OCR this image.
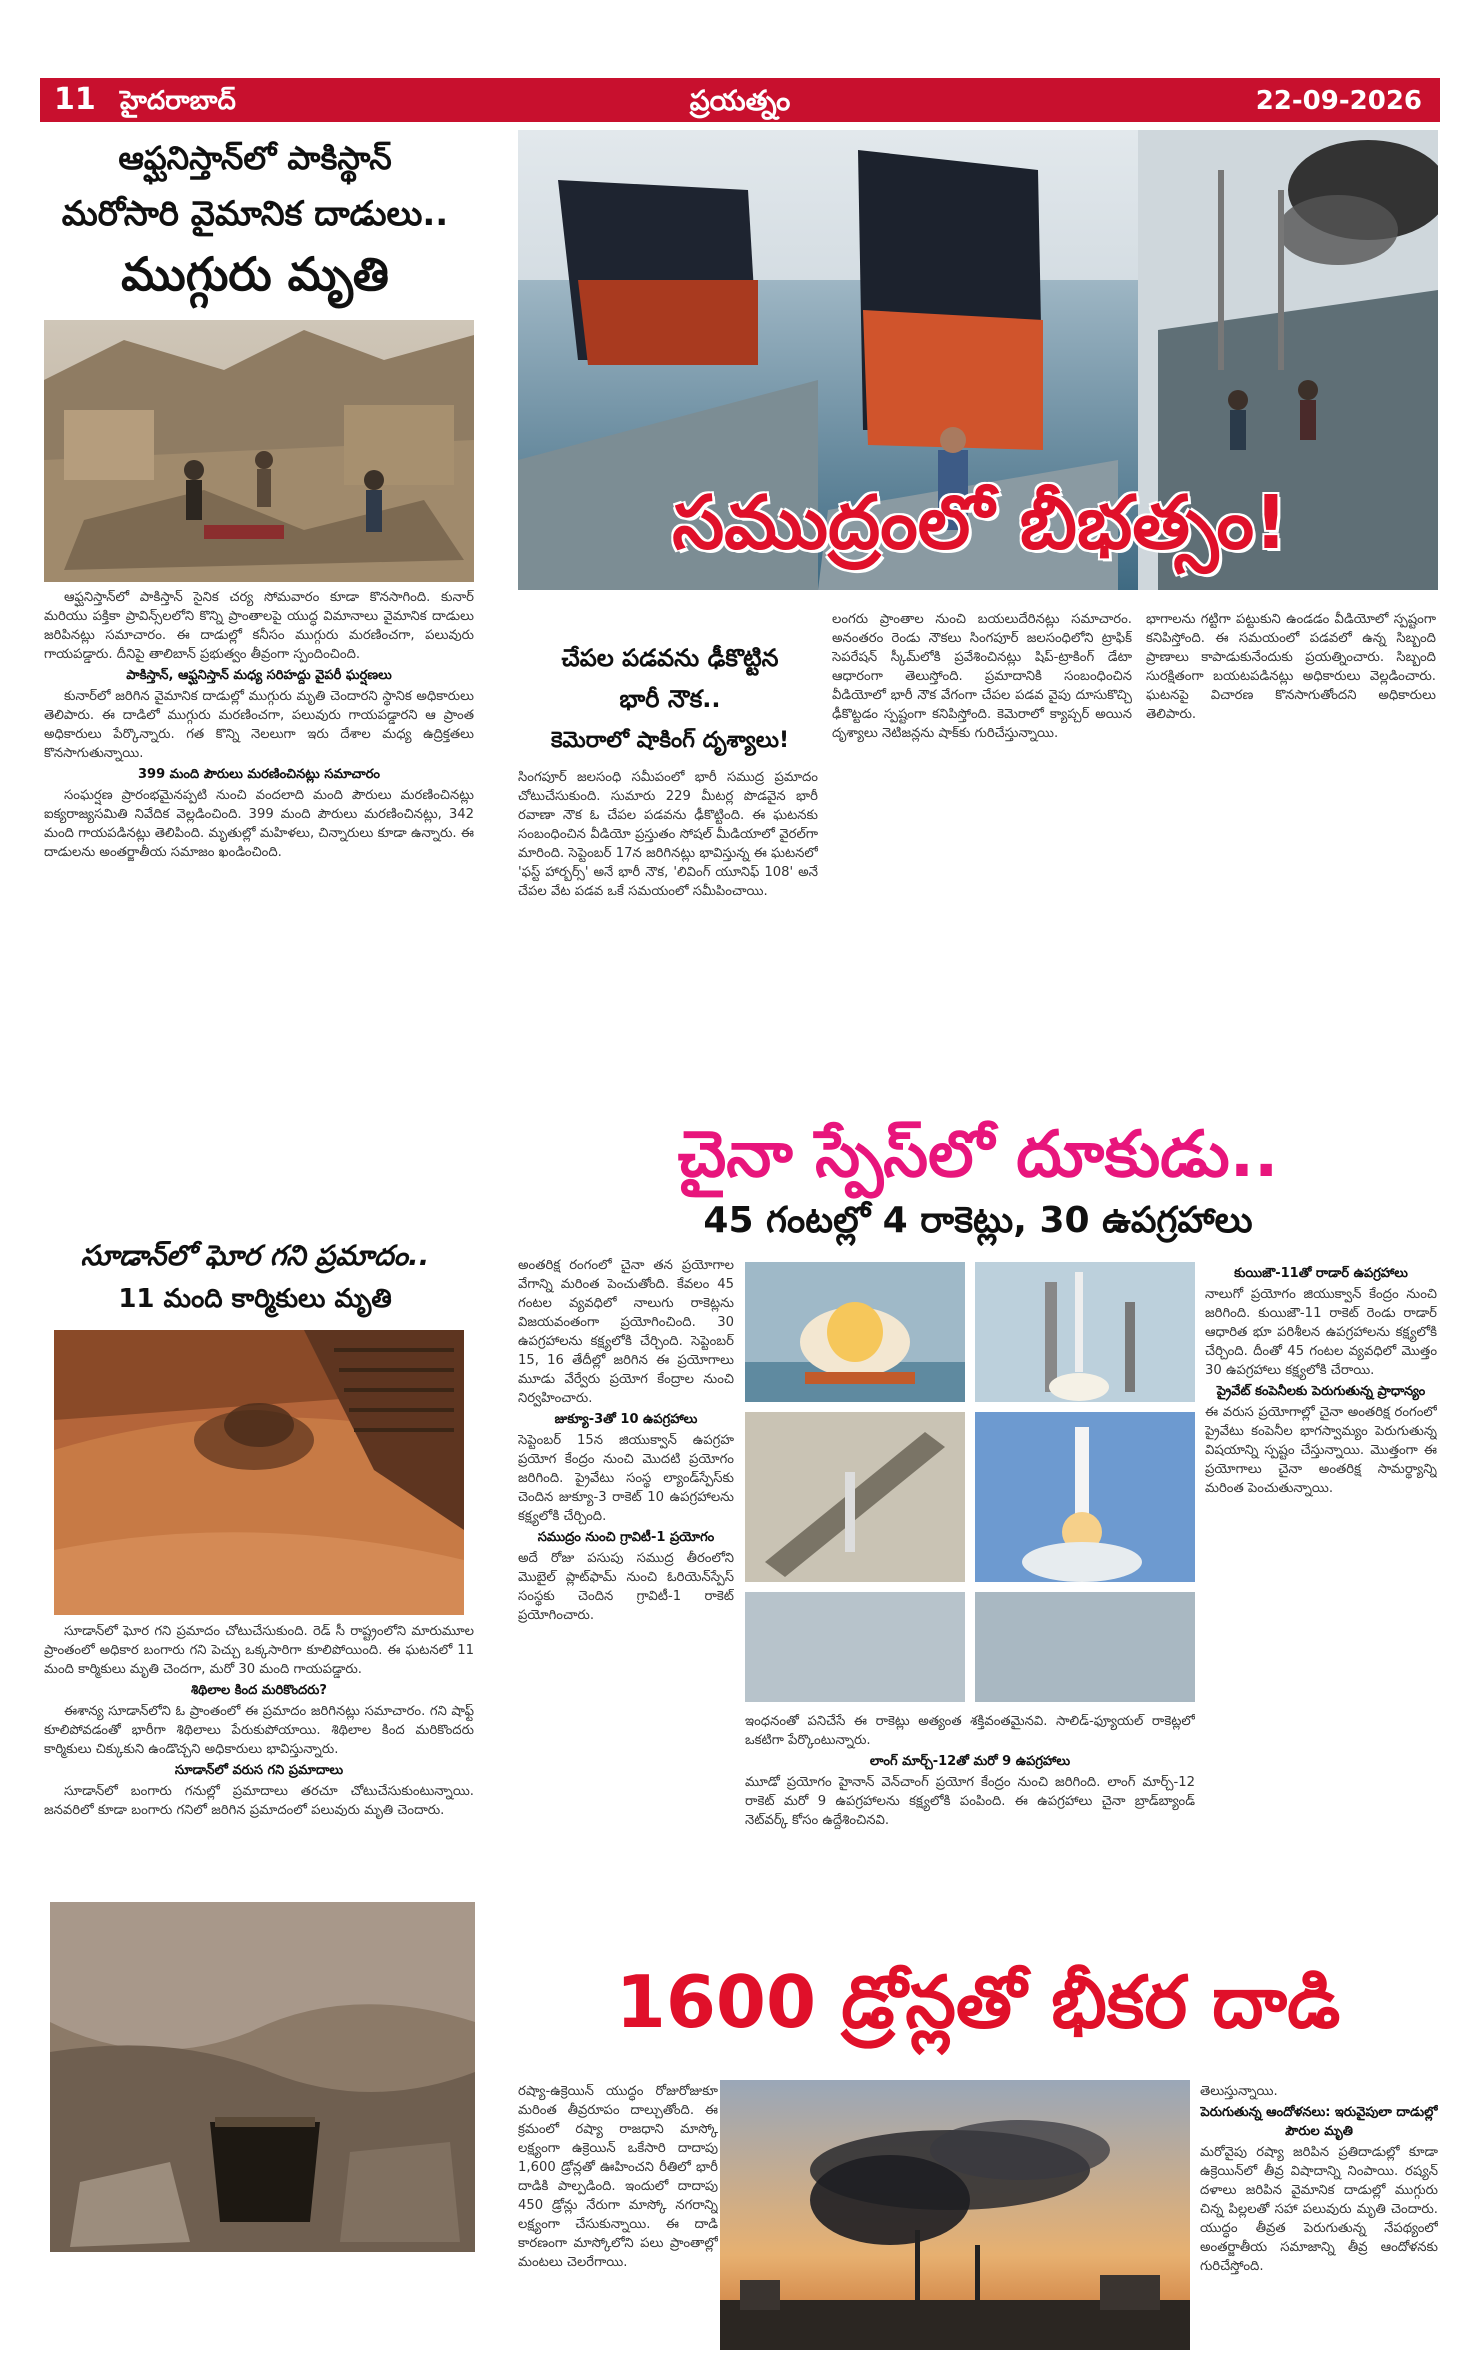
11 హైదరాబాద్	ప్రయత్నం	22-09-2026
ఆఫ్ఘనిస్తాన్‌లో పాకిస్థాన్
మరోసారి వైమానిక దాడులు..
ముగ్గురు మృతి

ఆఫ్ఘనిస్తాన్‌లో పాకిస్తాన్ సైనిక చర్య సోమవారం కూడా కొనసాగింది. కునార్ మరియు పక్తికా ప్రావిన్స్‌లలోని కొన్ని ప్రాంతాలపై యుద్ధ విమానాలు వైమానిక దాడులు జరిపినట్లు సమాచారం. ఈ దాడుల్లో కనీసం ముగ్గురు మరణించగా, పలువురు గాయపడ్డారు. దీనిపై తాలిబాన్ ప్రభుత్వం తీవ్రంగా స్పందించింది.

పాకిస్తాన్, ఆఫ్ఘనిస్తాన్ మధ్య సరిహద్దు వైపరీ ఘర్షణలు

కునార్‌లో జరిగిన వైమానిక దాడుల్లో ముగ్గురు మృతి చెందారని స్థానిక అధికారులు తెలిపారు. ఈ దాడిలో ముగ్గురు మరణించగా, పలువురు గాయపడ్డారని ఆ ప్రాంత అధికారులు పేర్కొన్నారు. గత కొన్ని నెలలుగా ఇరు దేశాల మధ్య ఉద్రిక్తతలు కొనసాగుతున్నాయి.

399 మంది పౌరులు మరణించినట్లు సమాచారం

సంఘర్షణ ప్రారంభమైనప్పటి నుంచి వందలాది మంది పౌరులు మరణించినట్లు ఐక్యరాజ్యసమితి నివేదిక వెల్లడించింది. 399 మంది పౌరులు మరణించినట్లు, 342 మంది గాయపడినట్లు తెలిపింది. మృతుల్లో మహిళలు, చిన్నారులు కూడా ఉన్నారు. ఈ దాడులను అంతర్జాతీయ సమాజం ఖండించింది.

సూడాన్‌లో ఘోర గని ప్రమాదం..
11 మంది కార్మికులు మృతి

సూడాన్‌లో ఘోర గని ప్రమాదం చోటుచేసుకుంది. రెడ్ సీ రాష్ట్రంలోని మారుమూల ప్రాంతంలో అధికార బంగారు గని పెచ్చు ఒక్కసారిగా కూలిపోయింది. ఈ ఘటనలో 11 మంది కార్మికులు మృతి చెందగా, మరో 30 మంది గాయపడ్డారు.

శిథిలాల కింద మరికొందరు?

ఈశాన్య సూడాన్‌లోని ఓ ప్రాంతంలో ఈ ప్రమాదం జరిగినట్లు సమాచారం. గని షాఫ్ట్ కూలిపోవడంతో భారీగా శిథిలాలు పేరుకుపోయాయి. శిథిలాల కింద మరికొందరు కార్మికులు చిక్కుకుని ఉండొచ్చని అధికారులు భావిస్తున్నారు.

సూడాన్‌లో వరుస గని ప్రమాదాలు

సూడాన్‌లో బంగారు గనుల్లో ప్రమాదాలు తరచూ చోటుచేసుకుంటున్నాయి. జనవరిలో కూడా బంగారు గనిలో జరిగిన ప్రమాదంలో పలువురు మృతి చెందారు.

సముద్రంలో బీభత్సం!
చేపల పడవను ఢీకొట్టిన
భారీ నౌక..
కెమెరాలో షాకింగ్ దృశ్యాలు!
సింగపూర్ జలసంధి సమీపంలో భారీ సముద్ర ప్రమాదం చోటుచేసుకుంది. సుమారు 229 మీటర్ల పొడవైన భారీ రవాణా నౌక ఓ చేపల పడవను ఢీకొట్టింది. ఈ ఘటనకు సంబంధించిన వీడియో ప్రస్తుతం సోషల్ మీడియాలో వైరల్‌గా మారింది. సెప్టెంబర్ 17న జరిగినట్లు భావిస్తున్న ఈ ఘటనలో 'ఫస్ట్ హార్బర్స్' అనే భారీ నౌక, 'లివింగ్ యూనిఫ్ 108' అనే చేపల వేట పడవ ఒకే సమయంలో సమీపించాయి.
లంగరు ప్రాంతాల నుంచి బయలుదేరినట్లు సమాచారం. అనంతరం రెండు నౌకలు సింగపూర్ జలసంధిలోని ట్రాఫిక్ సెపరేషన్ స్కీమ్‌లోకి ప్రవేశించినట్లు షిప్-ట్రాకింగ్ డేటా ఆధారంగా తెలుస్తోంది. ప్రమాదానికి సంబంధించిన వీడియోలో భారీ నౌక వేగంగా చేపల పడవ వైపు దూసుకొచ్చి ఢీకొట్టడం స్పష్టంగా కనిపిస్తోంది. కెమెరాలో క్యాప్చర్ అయిన దృశ్యాలు నెటిజన్లను షాక్‌కు గురిచేస్తున్నాయి.
భాగాలను గట్టిగా పట్టుకుని ఉండడం వీడియోలో స్పష్టంగా కనిపిస్తోంది. ఈ సమయంలో పడవలో ఉన్న సిబ్బంది ప్రాణాలు కాపాడుకునేందుకు ప్రయత్నించారు. సిబ్బంది సురక్షితంగా బయటపడినట్లు అధికారులు వెల్లడించారు. ఘటనపై విచారణ కొనసాగుతోందని అధికారులు తెలిపారు.
చైనా స్పేస్‌లో దూకుడు..
45 గంటల్లో 4 రాకెట్లు, 30 ఉపగ్రహాలు
అంతరిక్ష రంగంలో చైనా తన ప్రయోగాల వేగాన్ని మరింత పెంచుతోంది. కేవలం 45 గంటల వ్యవధిలో నాలుగు రాకెట్లను విజయవంతంగా ప్రయోగించింది. 30 ఉపగ్రహాలను కక్ష్యలోకి చేర్చింది. సెప్టెంబర్ 15, 16 తేదీల్లో జరిగిన ఈ ప్రయోగాలు మూడు వేర్వేరు ప్రయోగ కేంద్రాల నుంచి నిర్వహించారు.
జుక్యూ-3తో 10 ఉపగ్రహాలు
సెప్టెంబర్ 15న జియుక్వాన్ ఉపగ్రహ ప్రయోగ కేంద్రం నుంచి మొదటి ప్రయోగం జరిగింది. ప్రైవేటు సంస్థ ల్యాండ్‌స్పేస్‌కు చెందిన జుక్యూ-3 రాకెట్ 10 ఉపగ్రహాలను కక్ష్యలోకి చేర్చింది.
సముద్రం నుంచి గ్రావిటీ-1 ప్రయోగం
అదే రోజు పసుపు సముద్ర తీరంలోని మొబైల్ ప్లాట్‌ఫామ్ నుంచి ఓరియెన్‌స్పేస్ సంస్థకు చెందిన గ్రావిటీ-1 రాకెట్ ప్రయోగించారు.
ఇంధనంతో పనిచేసే ఈ రాకెట్లు అత్యంత శక్తివంతమైనవి. సాలిడ్-ఫ్యూయల్ రాకెట్లలో ఒకటిగా పేర్కొంటున్నారు.
లాంగ్ మార్చ్-12తో మరో 9 ఉపగ్రహాలు
మూడో ప్రయోగం హైనాన్ వెన్‌చాంగ్ ప్రయోగ కేంద్రం నుంచి జరిగింది. లాంగ్ మార్చ్-12 రాకెట్ మరో 9 ఉపగ్రహాలను కక్ష్యలోకి పంపింది. ఈ ఉపగ్రహాలు చైనా బ్రాడ్‌బ్యాండ్ నెట్‌వర్క్ కోసం ఉద్దేశించినవి.
కుయిజౌ-11తో రాడార్ ఉపగ్రహాలు
నాలుగో ప్రయోగం జియుక్వాన్ కేంద్రం నుంచి జరిగింది. కుయిజౌ-11 రాకెట్ రెండు రాడార్ ఆధారిత భూ పరిశీలన ఉపగ్రహాలను కక్ష్యలోకి చేర్చింది. దీంతో 45 గంటల వ్యవధిలో మొత్తం 30 ఉపగ్రహాలు కక్ష్యలోకి చేరాయి.
ప్రైవేట్ కంపెనీలకు పెరుగుతున్న ప్రాధాన్యం
ఈ వరుస ప్రయోగాల్లో చైనా అంతరిక్ష రంగంలో ప్రైవేటు కంపెనీల భాగస్వామ్యం పెరుగుతున్న విషయాన్ని స్పష్టం చేస్తున్నాయి. మొత్తంగా ఈ ప్రయోగాలు చైనా అంతరిక్ష సామర్థ్యాన్ని మరింత పెంచుతున్నాయి.
1600 డ్రోన్లతో భీకర దాడి
రష్యా-ఉక్రెయిన్ యుద్ధం రోజురోజుకూ మరింత తీవ్రరూపం దాల్చుతోంది. ఈ క్రమంలో రష్యా రాజధాని మాస్కో లక్ష్యంగా ఉక్రెయిన్ ఒకేసారి దాదాపు 1,600 డ్రోన్లతో ఊహించని రీతిలో భారీ దాడికి పాల్పడింది. ఇందులో దాదాపు 450 డ్రోన్లు నేరుగా మాస్కో నగరాన్ని లక్ష్యంగా చేసుకున్నాయి. ఈ దాడి కారణంగా మాస్కోలోని పలు ప్రాంతాల్లో మంటలు చెలరేగాయి.
తెలుస్తున్నాయి.
పెరుగుతున్న ఆందోళనలు: ఇరువైపులా దాడుల్లో పౌరుల మృతి
మరోవైపు రష్యా జరిపిన ప్రతిదాడుల్లో కూడా ఉక్రెయిన్‌లో తీవ్ర విషాదాన్ని నింపాయి. రష్యన్ దళాలు జరిపిన వైమానిక దాడుల్లో ముగ్గురు చిన్న పిల్లలతో సహా పలువురు మృతి చెందారు. యుద్ధం తీవ్రత పెరుగుతున్న నేపథ్యంలో అంతర్జాతీయ సమాజాన్ని తీవ్ర ఆందోళనకు గురిచేస్తోంది.
